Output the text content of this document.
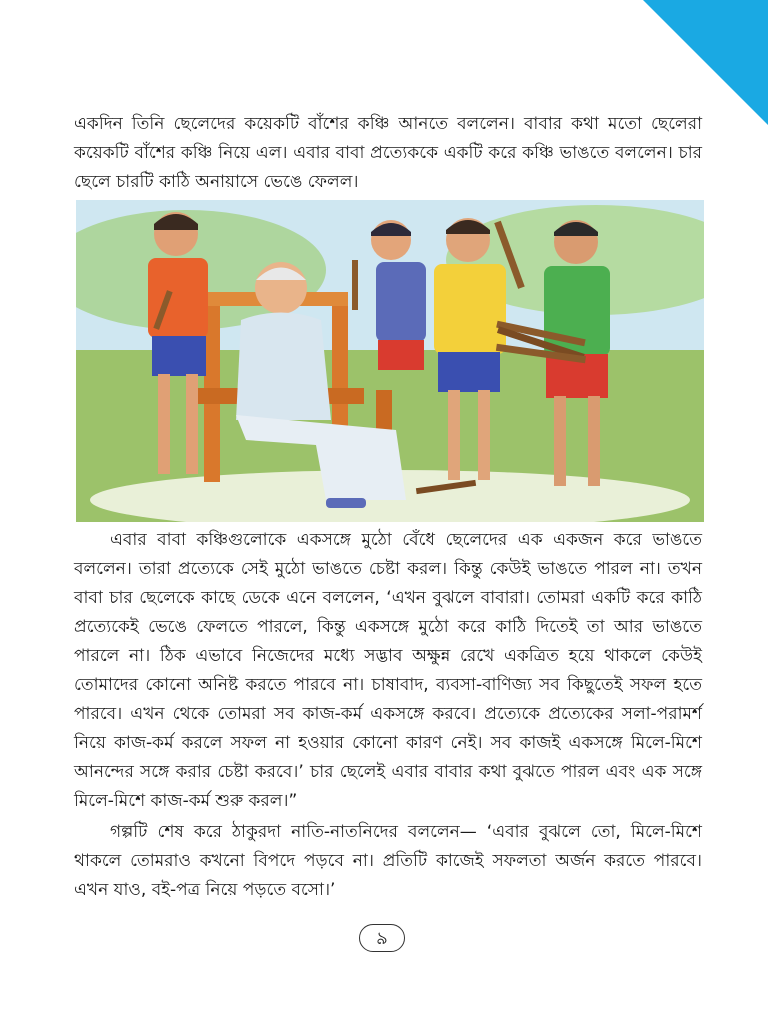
একদিন তিনি ছেলেদের কয়েকটি বাঁশের কঞ্চি আনতে বললেন। বাবার কথা মতো ছেলেরা কয়েকটি বাঁশের কঞ্চি নিয়ে এল। এবার বাবা প্রত্যেককে একটি করে কঞ্চি ভাঙতে বললেন। চার ছেলে চারটি কাঠি অনায়াসে ভেঙে ফেলল।

এবার বাবা কঞ্চিগুলোকে একসঙ্গে মুঠো বেঁধে ছেলেদের এক একজন করে ভাঙতে বললেন। তারা প্রত্যেকে সেই মুঠো ভাঙতে চেষ্টা করল। কিন্তু কেউই ভাঙতে পারল না। তখন বাবা চার ছেলেকে কাছে ডেকে এনে বললেন, ‘এখন বুঝলে বাবারা। তোমরা একটি করে কাঠি প্রত্যেকেই ভেঙে ফেলতে পারলে, কিন্তু একসঙ্গে মুঠো করে কাঠি দিতেই তা আর ভাঙতে পারলে না। ঠিক এভাবে নিজেদের মধ্যে সদ্ভাব অক্ষুন্ন রেখে একত্রিত হয়ে থাকলে কেউই তোমাদের কোনো অনিষ্ট করতে পারবে না। চাষাবাদ, ব্যবসা-বাণিজ্য সব কিছুতেই সফল হতে পারবে। এখন থেকে তোমরা সব কাজ-কর্ম একসঙ্গে করবে। প্রত্যেকে প্রত্যেকের সলা-পরামর্শ নিয়ে কাজ-কর্ম করলে সফল না হওয়ার কোনো কারণ নেই। সব কাজই একসঙ্গে মিলে-মিশে আনন্দের সঙ্গে করার চেষ্টা করবে।’ চার ছেলেই এবার বাবার কথা বুঝতে পারল এবং এক সঙ্গে মিলে-মিশে কাজ-কর্ম শুরু করল।”

গল্পটি শেষ করে ঠাকুরদা নাতি-নাতনিদের বললেন— ‘এবার বুঝলে তো, মিলে-মিশে থাকলে তোমরাও কখনো বিপদে পড়বে না। প্রতিটি কাজেই সফলতা অর্জন করতে পারবে। এখন যাও, বই-পত্র নিয়ে পড়তে বসো।’

৯
